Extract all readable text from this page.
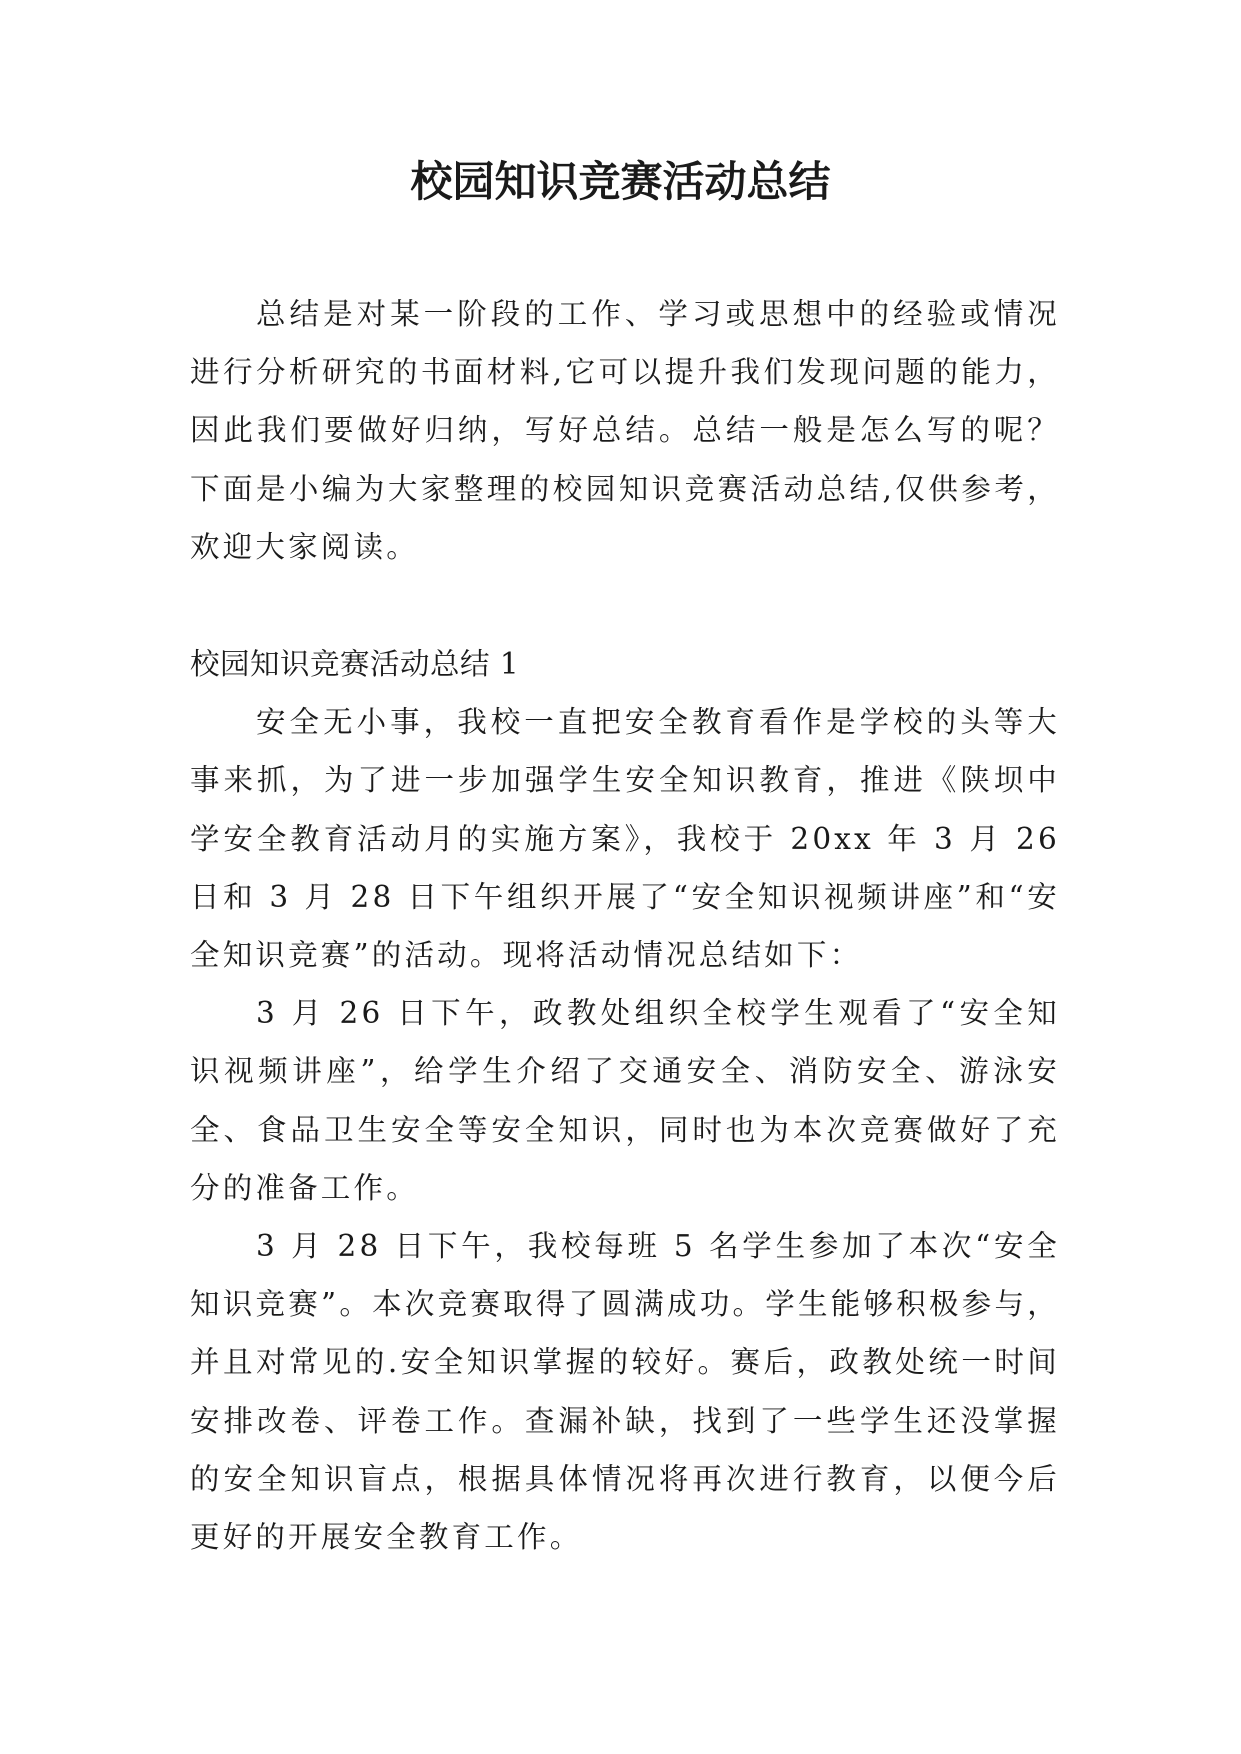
校园知识竞赛活动总结

总结是对某一阶段的工作、学习或思想中的经验或情况进行分析研究的书面材料,它可以提升我们发现问题的能力，因此我们要做好归纳，写好总结。总结一般是怎么写的呢？下面是小编为大家整理的校园知识竞赛活动总结,仅供参考，欢迎大家阅读。

校园知识竞赛活动总结 1

安全无小事，我校一直把安全教育看作是学校的头等大事来抓，为了进一步加强学生安全知识教育，推进《陕坝中学安全教育活动月的实施方案》，我校于 20xx 年 3 月 26 日和 3 月 28 日下午组织开展了“安全知识视频讲座”和“安全知识竞赛”的活动。现将活动情况总结如下：

3 月 26 日下午，政教处组织全校学生观看了“安全知识视频讲座”，给学生介绍了交通安全、消防安全、游泳安全、食品卫生安全等安全知识，同时也为本次竞赛做好了充分的准备工作。

3 月 28 日下午，我校每班 5 名学生参加了本次“安全知识竞赛”。本次竞赛取得了圆满成功。学生能够积极参与，并且对常见的.安全知识掌握的较好。赛后，政教处统一时间安排改卷、评卷工作。查漏补缺，找到了一些学生还没掌握的安全知识盲点，根据具体情况将再次进行教育，以便今后更好的开展安全教育工作。
